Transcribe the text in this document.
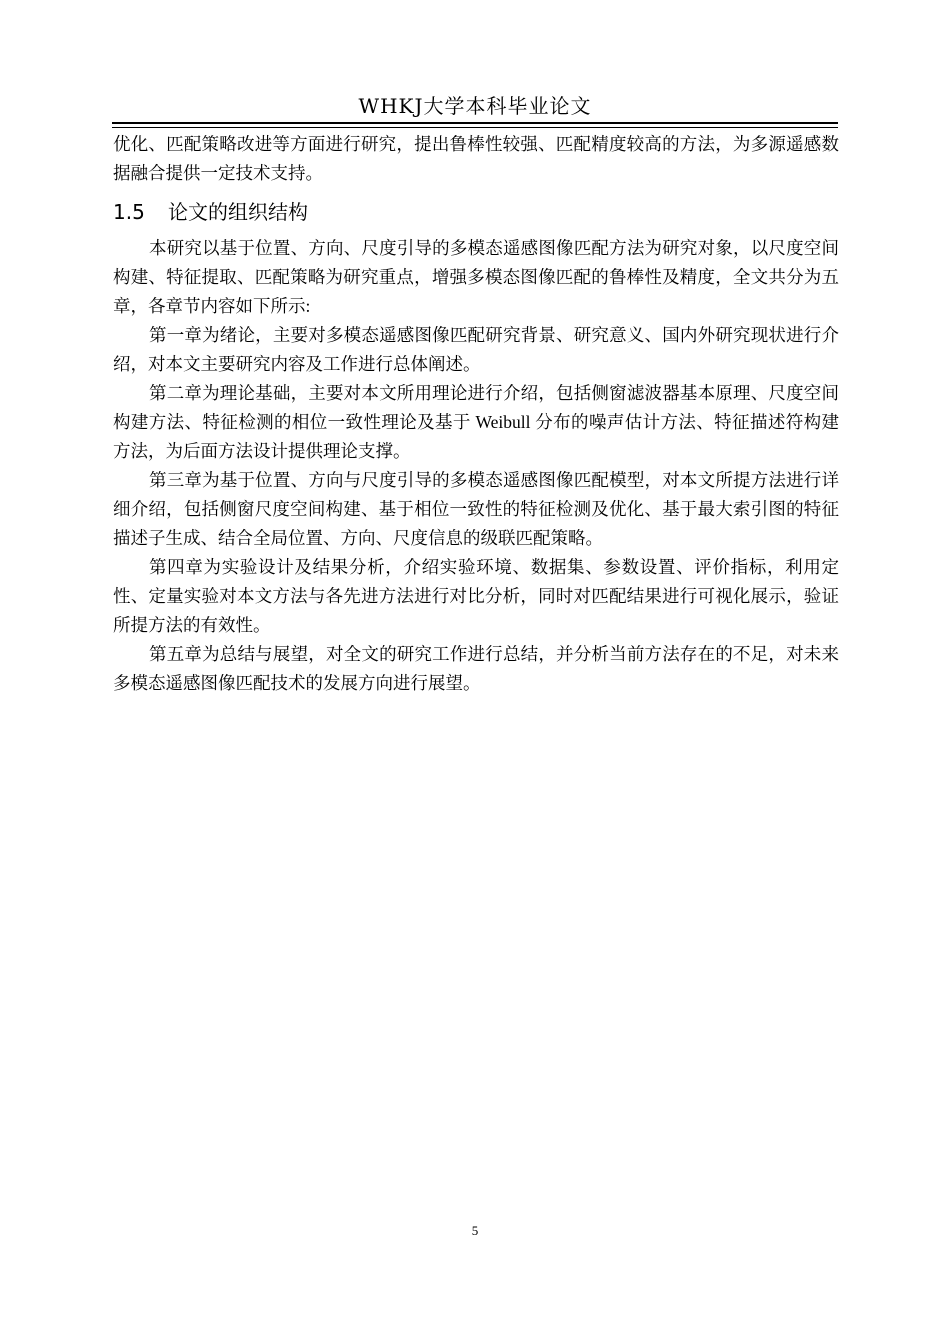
WHKJ大学本科毕业论文

优化、匹配策略改进等方面进行研究，提出鲁棒性较强、匹配精度较高的方法，为多源遥感数据融合提供一定技术支持。

1.5 论文的组织结构

本研究以基于位置、方向、尺度引导的多模态遥感图像匹配方法为研究对象，以尺度空间构建、特征提取、匹配策略为研究重点，增强多模态图像匹配的鲁棒性及精度，全文共分为五章，各章节内容如下所示:

第一章为绪论，主要对多模态遥感图像匹配研究背景、研究意义、国内外研究现状进行介绍，对本文主要研究内容及工作进行总体阐述。

第二章为理论基础，主要对本文所用理论进行介绍，包括侧窗滤波器基本原理、尺度空间构建方法、特征检测的相位一致性理论及基于 Weibull 分布的噪声估计方法、特征描述符构建方法，为后面方法设计提供理论支撑。

第三章为基于位置、方向与尺度引导的多模态遥感图像匹配模型，对本文所提方法进行详细介绍，包括侧窗尺度空间构建、基于相位一致性的特征检测及优化、基于最大索引图的特征描述子生成、结合全局位置、方向、尺度信息的级联匹配策略。

第四章为实验设计及结果分析，介绍实验环境、数据集、参数设置、评价指标，利用定性、定量实验对本文方法与各先进方法进行对比分析，同时对匹配结果进行可视化展示，验证所提方法的有效性。

第五章为总结与展望，对全文的研究工作进行总结，并分析当前方法存在的不足，对未来多模态遥感图像匹配技术的发展方向进行展望。

5
